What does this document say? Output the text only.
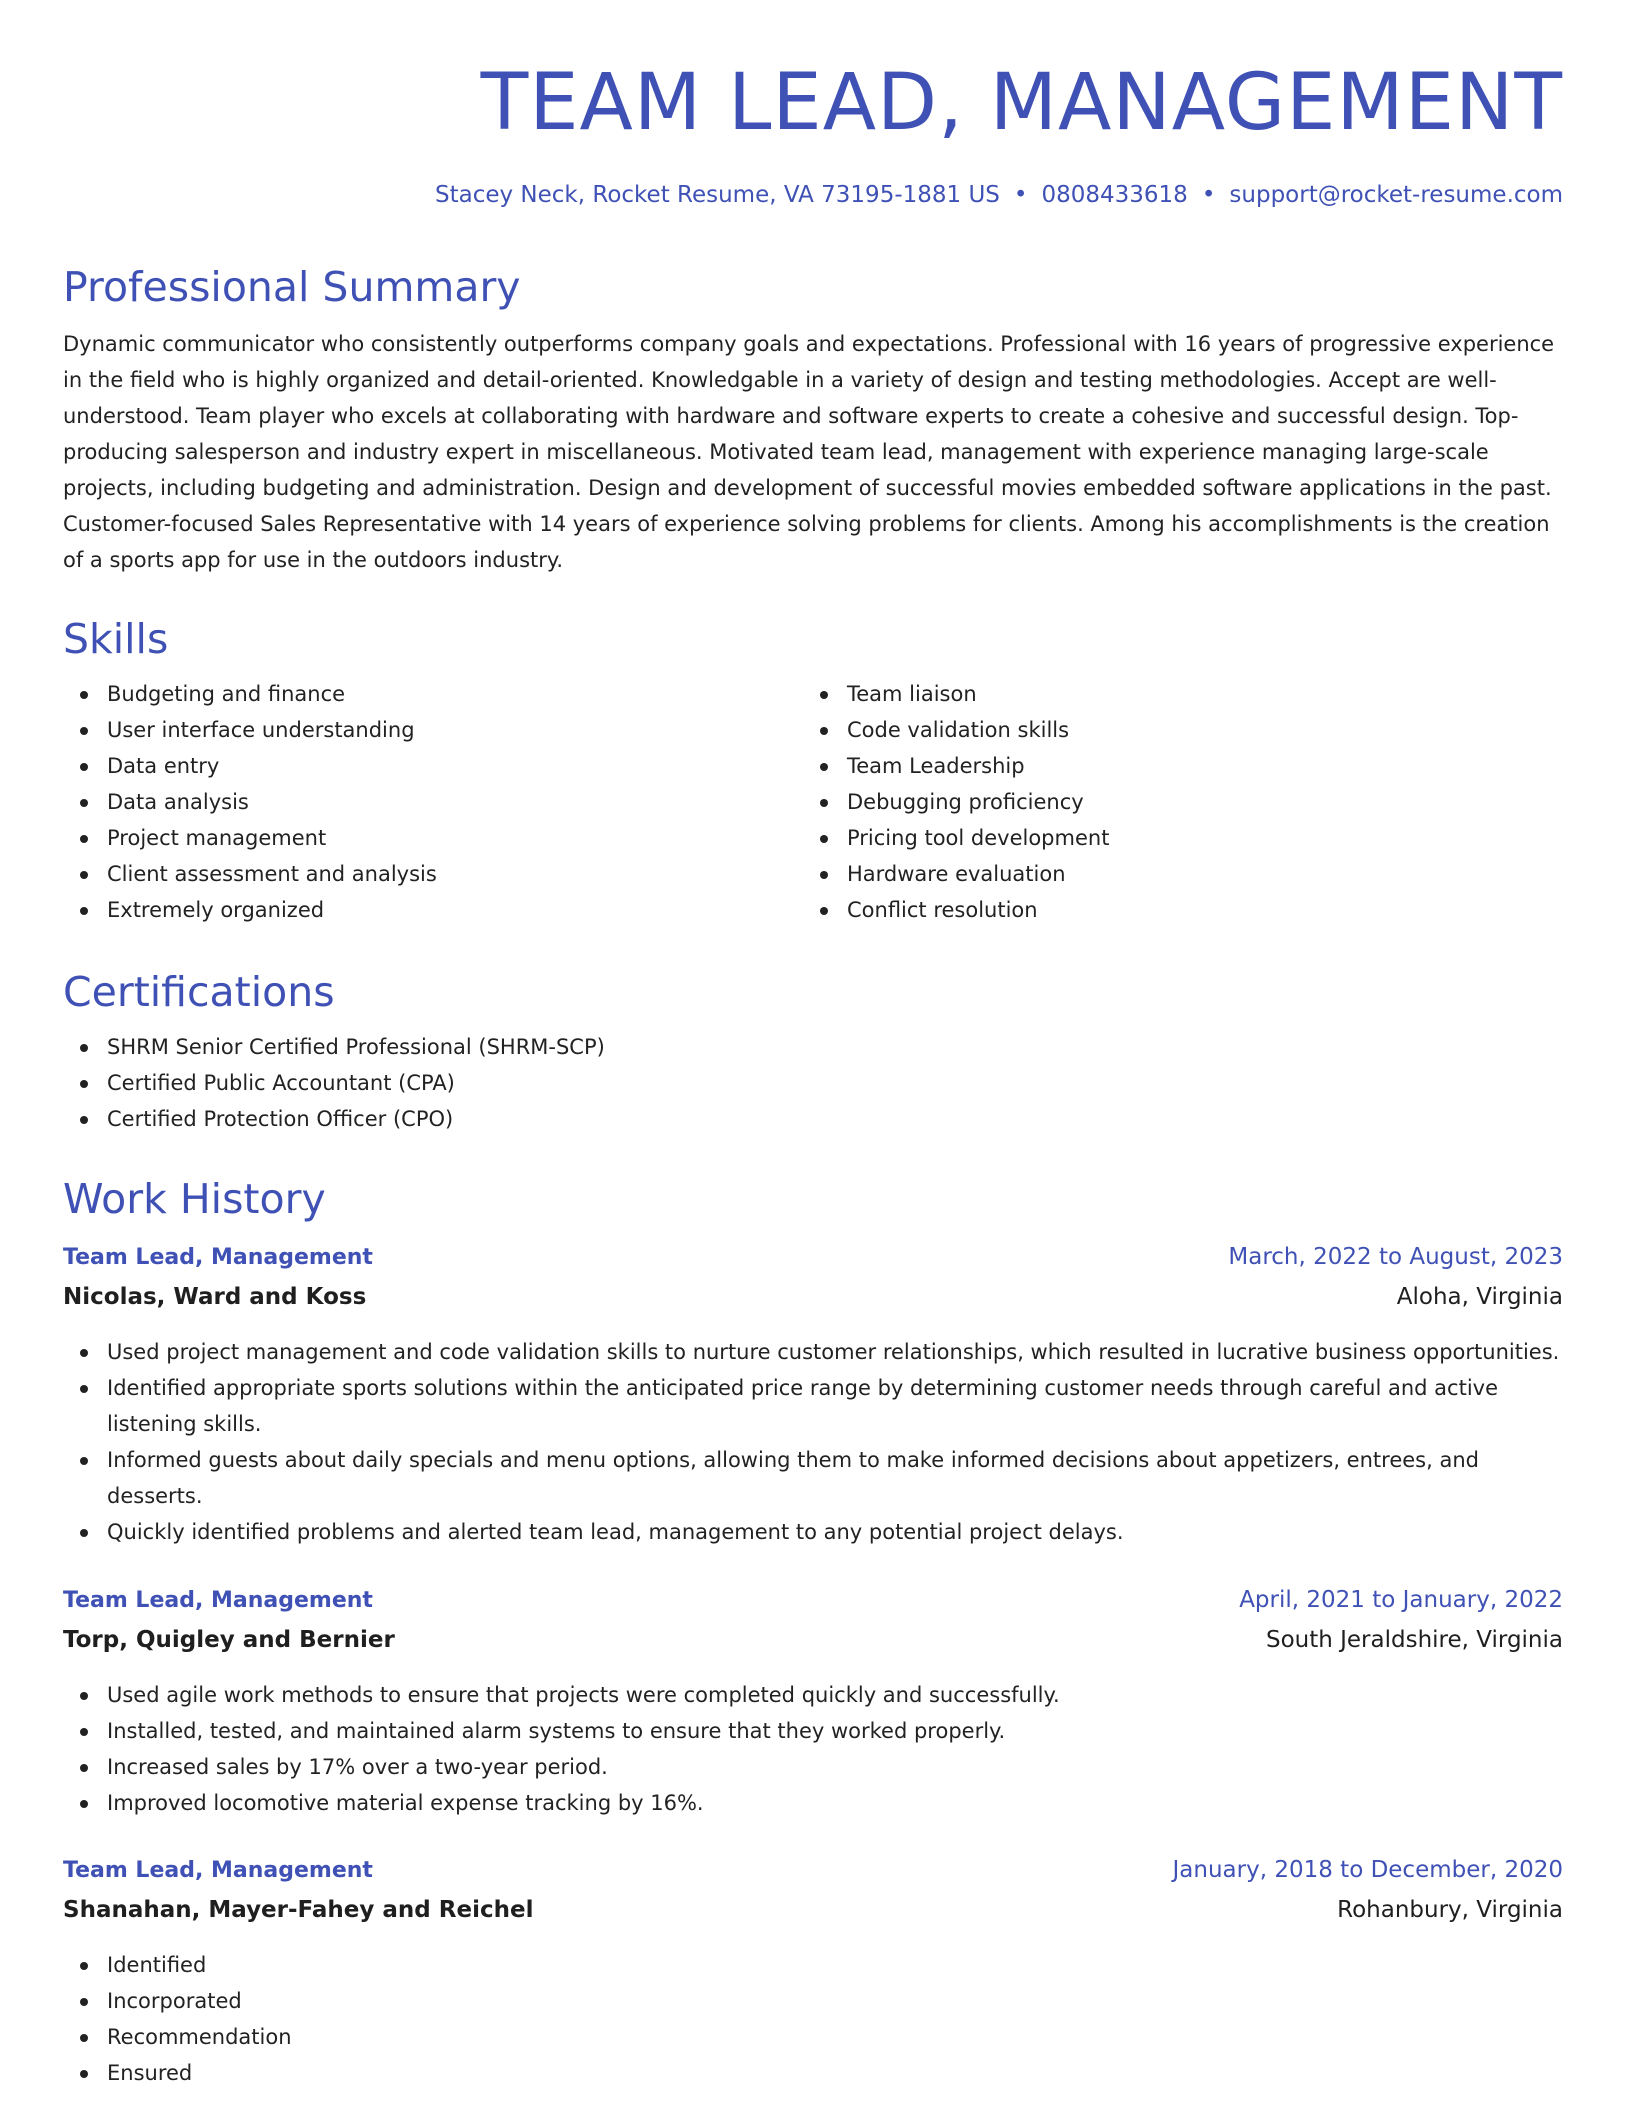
TEAM LEAD, MANAGEMENT
Stacey Neck, Rocket Resume, VA 73195-1881 US • 0808433618 • support@rocket-resume.com
Professional Summary

Dynamic communicator who consistently outperforms company goals and expectations. Professional with 16 years of progressive experience in the field who is highly organized and detail-oriented. Knowledgable in a variety of design and testing methodologies. Accept are well-understood. Team player who excels at collaborating with hardware and software experts to create a cohesive and successful design. Top-producing salesperson and industry expert in miscellaneous. Motivated team lead, management with experience managing large-scale projects, including budgeting and administration. Design and development of successful movies embedded software applications in the past. Customer-focused Sales Representative with 14 years of experience solving problems for clients. Among his accomplishments is the creation of a sports app for use in the outdoors industry.

Skills
Budgeting and finance
User interface understanding
Data entry
Data analysis
Project management
Client assessment and analysis
Extremely organized
Team liaison
Code validation skills
Team Leadership
Debugging proficiency
Pricing tool development
Hardware evaluation
Conflict resolution
Certifications
SHRM Senior Certified Professional (SHRM-SCP)
Certified Public Accountant (CPA)
Certified Protection Officer (CPO)
Work History
Team Lead, Management	March, 2022 to August, 2023
Nicolas, Ward and Koss	Aloha, Virginia
Used project management and code validation skills to nurture customer relationships, which resulted in lucrative business opportunities.
Identified appropriate sports solutions within the anticipated price range by determining customer needs through careful and active listening skills.
Informed guests about daily specials and menu options, allowing them to make informed decisions about appetizers, entrees, and desserts.
Quickly identified problems and alerted team lead, management to any potential project delays.
Team Lead, Management	April, 2021 to January, 2022
Torp, Quigley and Bernier	South Jeraldshire, Virginia
Used agile work methods to ensure that projects were completed quickly and successfully.
Installed, tested, and maintained alarm systems to ensure that they worked properly.
Increased sales by 17% over a two-year period.
Improved locomotive material expense tracking by 16%.
Team Lead, Management	January, 2018 to December, 2020
Shanahan, Mayer-Fahey and Reichel	Rohanbury, Virginia
Identified
Incorporated
Recommendation
Ensured
